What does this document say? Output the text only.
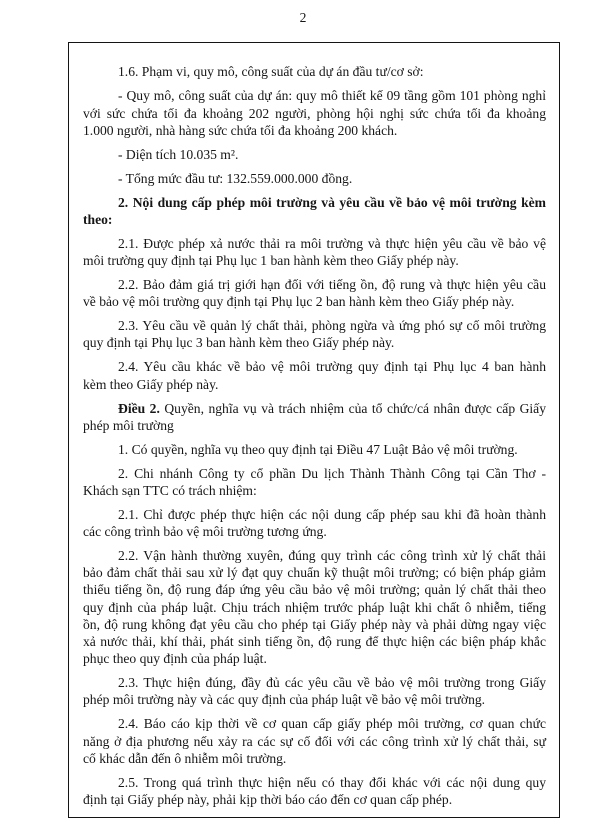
2
1.6. Phạm vi, quy mô, công suất của dự án đầu tư/cơ sở:
- Quy mô, công suất của dự án: quy mô thiết kế 09 tầng gồm 101 phòng nghỉ
với sức chứa tối đa khoảng 202 người, phòng hội nghị sức chứa tối đa khoảng
1.000 người, nhà hàng sức chứa tối đa khoảng 200 khách.
- Diện tích 10.035 m².
- Tổng mức đầu tư: 132.559.000.000 đồng.
2. Nội dung cấp phép môi trường và yêu cầu về bảo vệ môi trường kèm
theo:
2.1. Được phép xả nước thải ra môi trường và thực hiện yêu cầu về bảo vệ
môi trường quy định tại Phụ lục 1 ban hành kèm theo Giấy phép này.
2.2. Bảo đảm giá trị giới hạn đối với tiếng ồn, độ rung và thực hiện yêu cầu
về bảo vệ môi trường quy định tại Phụ lục 2 ban hành kèm theo Giấy phép này.
2.3. Yêu cầu về quản lý chất thải, phòng ngừa và ứng phó sự cố môi trường
quy định tại Phụ lục 3 ban hành kèm theo Giấy phép này.
2.4. Yêu cầu khác về bảo vệ môi trường quy định tại Phụ lục 4 ban hành
kèm theo Giấy phép này.
Điều 2. Quyền, nghĩa vụ và trách nhiệm của tổ chức/cá nhân được cấp Giấy
phép môi trường
1. Có quyền, nghĩa vụ theo quy định tại Điều 47 Luật Bảo vệ môi trường.
2. Chi nhánh Công ty cổ phần Du lịch Thành Thành Công tại Cần Thơ -
Khách sạn TTC có trách nhiệm:
2.1. Chỉ được phép thực hiện các nội dung cấp phép sau khi đã hoàn thành
các công trình bảo vệ môi trường tương ứng.
2.2. Vận hành thường xuyên, đúng quy trình các công trình xử lý chất thải
bảo đảm chất thải sau xử lý đạt quy chuẩn kỹ thuật môi trường; có biện pháp giảm
thiểu tiếng ồn, độ rung đáp ứng yêu cầu bảo vệ môi trường; quản lý chất thải theo
quy định của pháp luật. Chịu trách nhiệm trước pháp luật khi chất ô nhiễm, tiếng
ồn, độ rung không đạt yêu cầu cho phép tại Giấy phép này và phải dừng ngay việc
xả nước thải, khí thải, phát sinh tiếng ồn, độ rung để thực hiện các biện pháp khắc
phục theo quy định của pháp luật.
2.3. Thực hiện đúng, đầy đủ các yêu cầu về bảo vệ môi trường trong Giấy
phép môi trường này và các quy định của pháp luật về bảo vệ môi trường.
2.4. Báo cáo kịp thời về cơ quan cấp giấy phép môi trường, cơ quan chức
năng ở địa phương nếu xảy ra các sự cố đối với các công trình xử lý chất thải, sự
cố khác dẫn đến ô nhiễm môi trường.
2.5. Trong quá trình thực hiện nếu có thay đổi khác với các nội dung quy
định tại Giấy phép này, phải kịp thời báo cáo đến cơ quan cấp phép.
